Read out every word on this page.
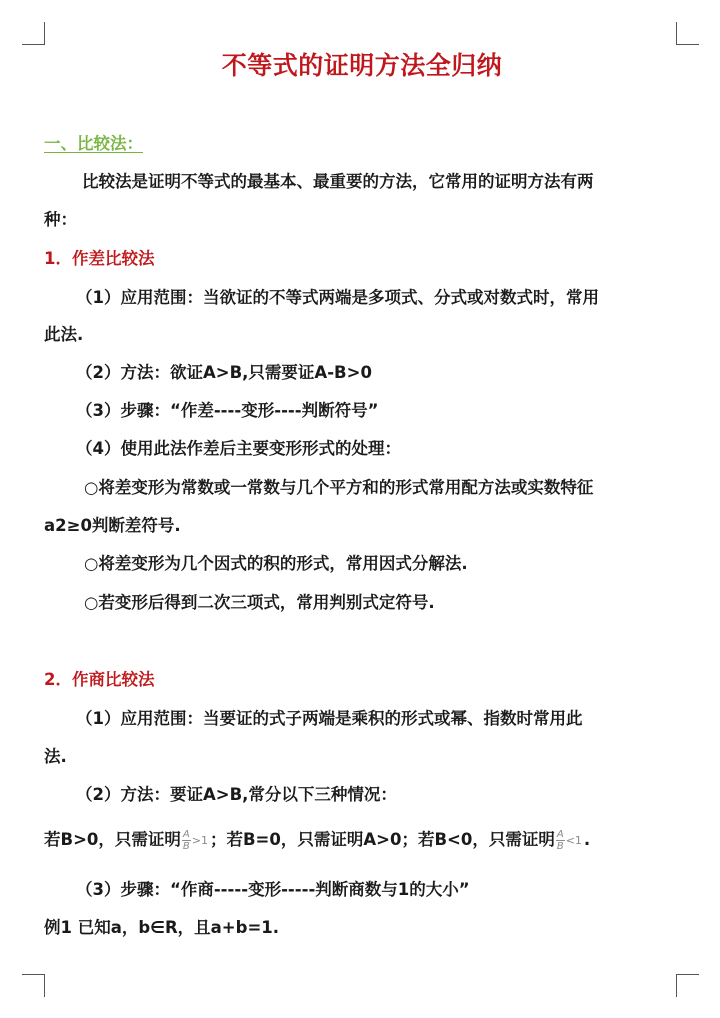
不等式的证明方法全归纳
一、比较法：
比较法是证明不等式的最基本、最重要的方法，它常用的证明方法有两
种：
1．作差比较法
（1）应用范围：当欲证的不等式两端是多项式、分式或对数式时，常用
此法.
（2）方法：欲证A>B,只需要证A-B>0
（3）步骤：“作差----变形----判断符号”
（4）使用此法作差后主要变形形式的处理：
○将差变形为常数或一常数与几个平方和的形式常用配方法或实数特征
a2≥0判断差符号.
○将差变形为几个因式的积的形式，常用因式分解法.
○若变形后得到二次三项式，常用判别式定符号.
2．作商比较法
（1）应用范围：当要证的式子两端是乘积的形式或幂、指数时常用此
法.
（2）方法：要证A>B,常分以下三种情况：
若B>0，只需证明 $\frac{A}{B} >1$ ；若B=0，只需证明A>0；若B<0，只需证明 $\frac{A}{B} <1$ .
（3）步骤：“作商-----变形-----判断商数与1的大小”
例1 已知a，b∈R，且a+b=1.
